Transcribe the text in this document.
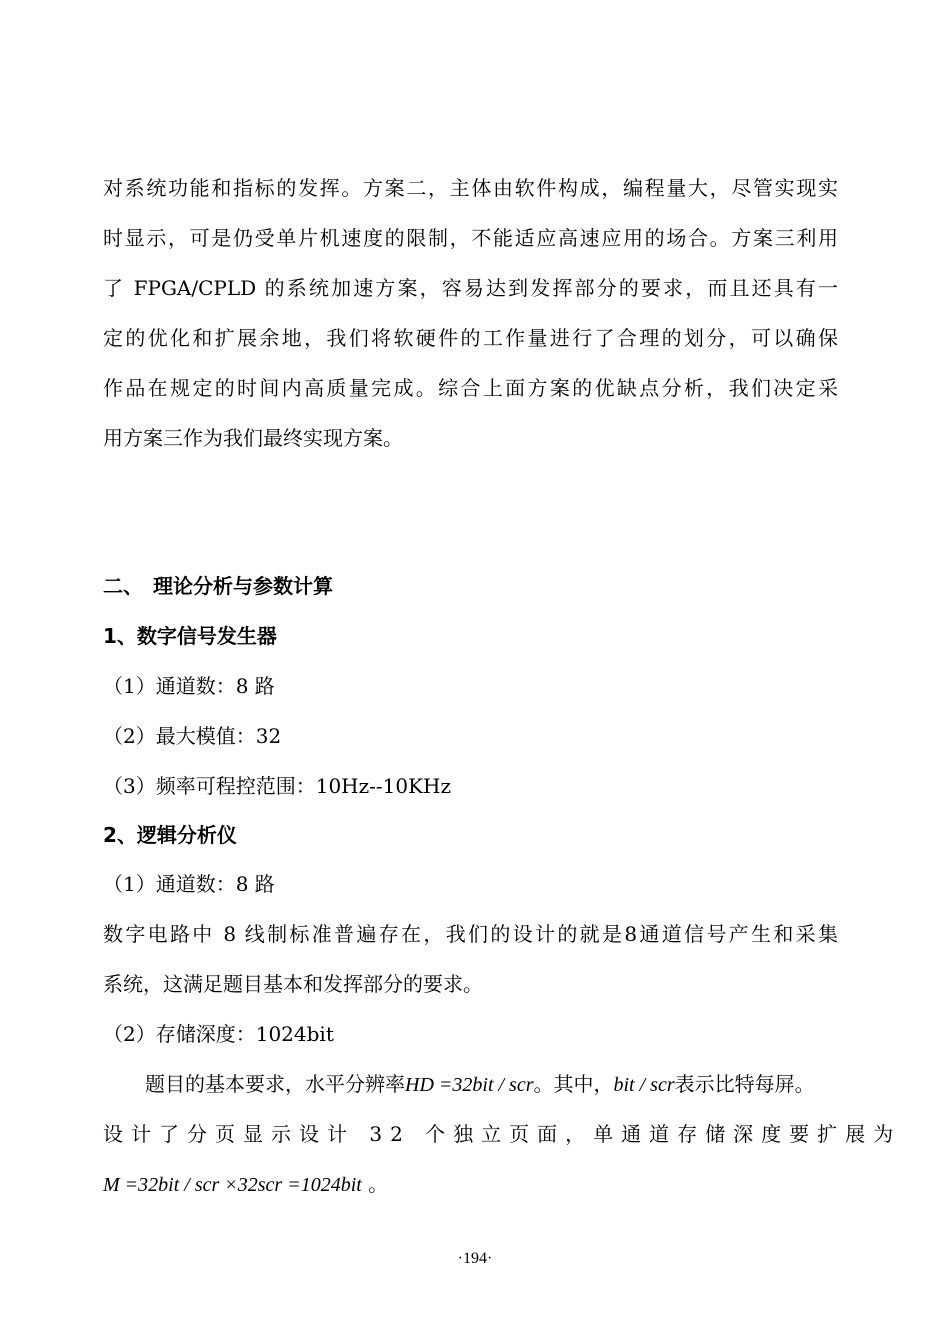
对系统功能和指标的发挥。方案二，主体由软件构成，编程量大，尽管实现实
时显示，可是仍受单片机速度的限制，不能适应高速应用的场合。方案三利用
了 FPGA/CPLD 的系统加速方案，容易达到发挥部分的要求，而且还具有一
定的优化和扩展余地，我们将软硬件的工作量进行了合理的划分，可以确保
作品在规定的时间内高质量完成。综合上面方案的优缺点分析，我们决定采
用方案三作为我们最终实现方案。
二、　理论分析与参数计算
1、数字信号发生器
（1）通道数：8 路
（2）最大模值：32
（3）频率可程控范围：10Hz--10KHz
2、逻辑分析仪
（1）通道数：8 路
数字电路中 8 线制标准普遍存在，我们的设计的就是8通道信号产生和采集
系统，这满足题目基本和发挥部分的要求。
（2）存储深度：1024bit
题目的基本要求，水平分辨率HD =32bit / scr。其中，bit / scr表示比特每屏。
设计了分页显示设计 32 个独立页面，单通道存储深度要扩展为
M =32bit / scr ×32scr =1024bit 。
·194·
